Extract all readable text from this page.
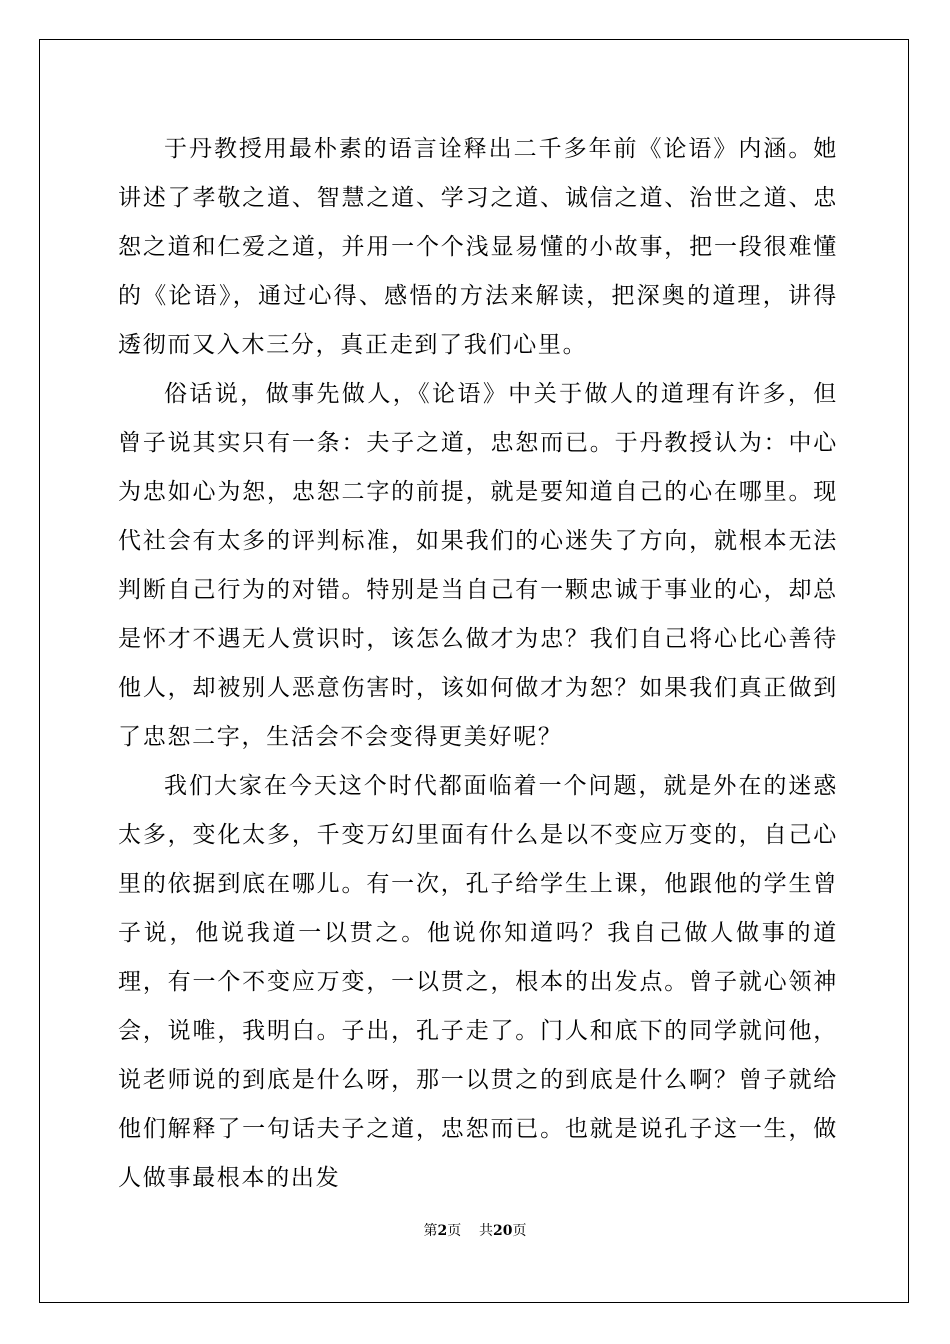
于丹教授用最朴素的语言诠释出二千多年前《论语》内涵。她讲述了孝敬之道、智慧之道、学习之道、诚信之道、治世之道、忠恕之道和仁爱之道，并用一个个浅显易懂的小故事，把一段很难懂的《论语》，通过心得、感悟的方法来解读，把深奥的道理，讲得透彻而又入木三分，真正走到了我们心里。

俗话说，做事先做人，《论语》中关于做人的道理有许多，但曾子说其实只有一条：夫子之道，忠恕而已。于丹教授认为：中心为忠如心为恕，忠恕二字的前提，就是要知道自己的心在哪里。现代社会有太多的评判标准，如果我们的心迷失了方向，就根本无法判断自己行为的对错。特别是当自己有一颗忠诚于事业的心，却总是怀才不遇无人赏识时，该怎么做才为忠？我们自己将心比心善待他人，却被别人恶意伤害时，该如何做才为恕？如果我们真正做到了忠恕二字，生活会不会变得更美好呢？

我们大家在今天这个时代都面临着一个问题，就是外在的迷惑太多，变化太多，千变万幻里面有什么是以不变应万变的，自己心里的依据到底在哪儿。有一次，孔子给学生上课，他跟他的学生曾子说，他说我道一以贯之。他说你知道吗？我自己做人做事的道理，有一个不变应万变，一以贯之，根本的出发点。曾子就心领神会，说唯，我明白。子出，孔子走了。门人和底下的同学就问他，说老师说的到底是什么呀，那一以贯之的到底是什么啊？曾子就给他们解释了一句话夫子之道，忠恕而已。也就是说孔子这一生，做人做事最根本的出发

第2页 共20页
